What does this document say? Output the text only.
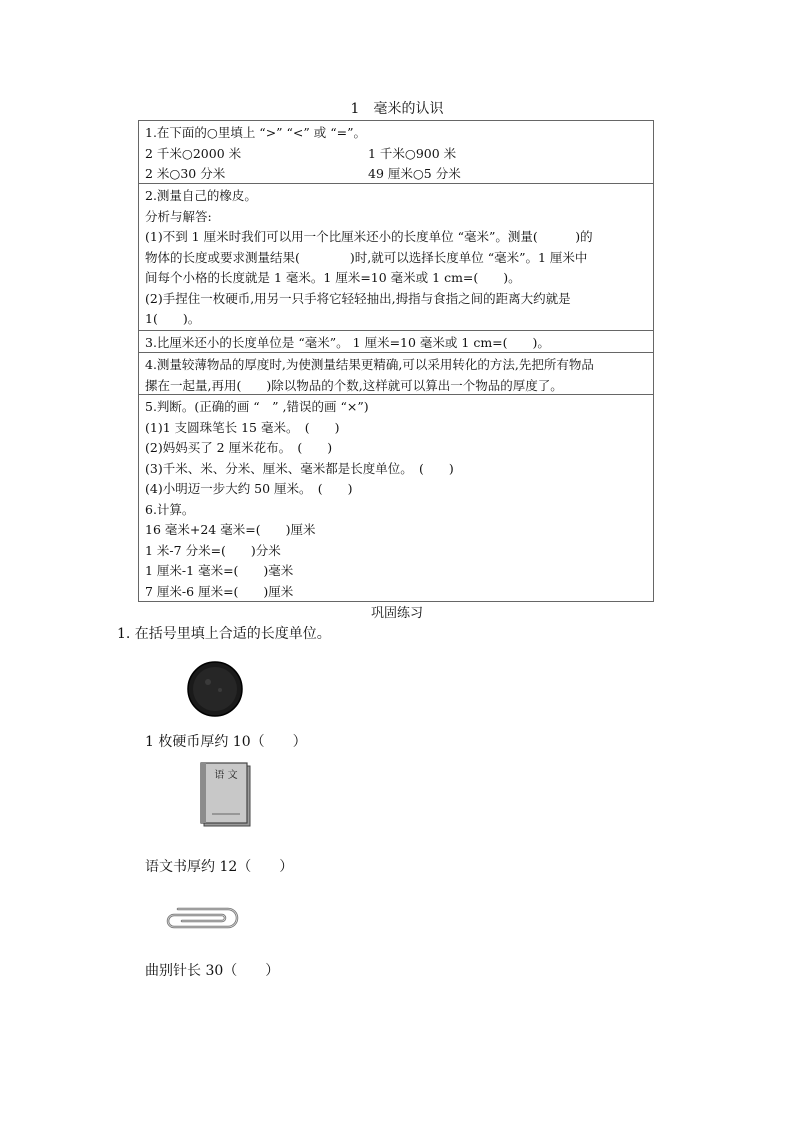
1　毫米的认识
1.在下面的○里填上 “>” “<” 或 “=”。
2 千米○2000 米	1 千米○900 米
2 米○30 分米	49 厘米○5 分米
2.测量自己的橡皮。
分析与解答:
(1)不到 1 厘米时我们可以用一个比厘米还小的长度单位 “毫米”。测量(　　　)的
物体的长度或要求测量结果(　　　　)时,就可以选择长度单位 “毫米”。1 厘米中
间每个小格的长度就是 1 毫米。1 厘米=10 毫米或 1 cm=(　　)。
(2)手捏住一枚硬币,用另一只手将它轻轻抽出,拇指与食指之间的距离大约就是
1(　　)。
3.比厘米还小的长度单位是 “毫米”。 1 厘米=10 毫米或 1 cm=(　　)。
4.测量较薄物品的厚度时,为使测量结果更精确,可以采用转化的方法,先把所有物品
摞在一起量,再用(　　)除以物品的个数,这样就可以算出一个物品的厚度了。
5.判断。(正确的画 “　” ,错误的画 “×”)
(1)1 支圆珠笔长 15 毫米。　(　　)
(2)妈妈买了 2 厘米花布。　(　　)
(3)千米、米、分米、厘米、毫米都是长度单位。　(　　)
(4)小明迈一步大约 50 厘米。　(　　)
6.计算。
16 毫米+24 毫米=(　　)厘米
1 米-7 分米=(　　)分米
1 厘米-1 毫米=(　　)毫米
7 厘米-6 厘米=(　　)厘米
巩固练习
1. 在括号里填上合适的长度单位。
1 枚硬币厚约 10（　　）
语 文
语文书厚约 12（　　）
曲别针长 30（　　）
